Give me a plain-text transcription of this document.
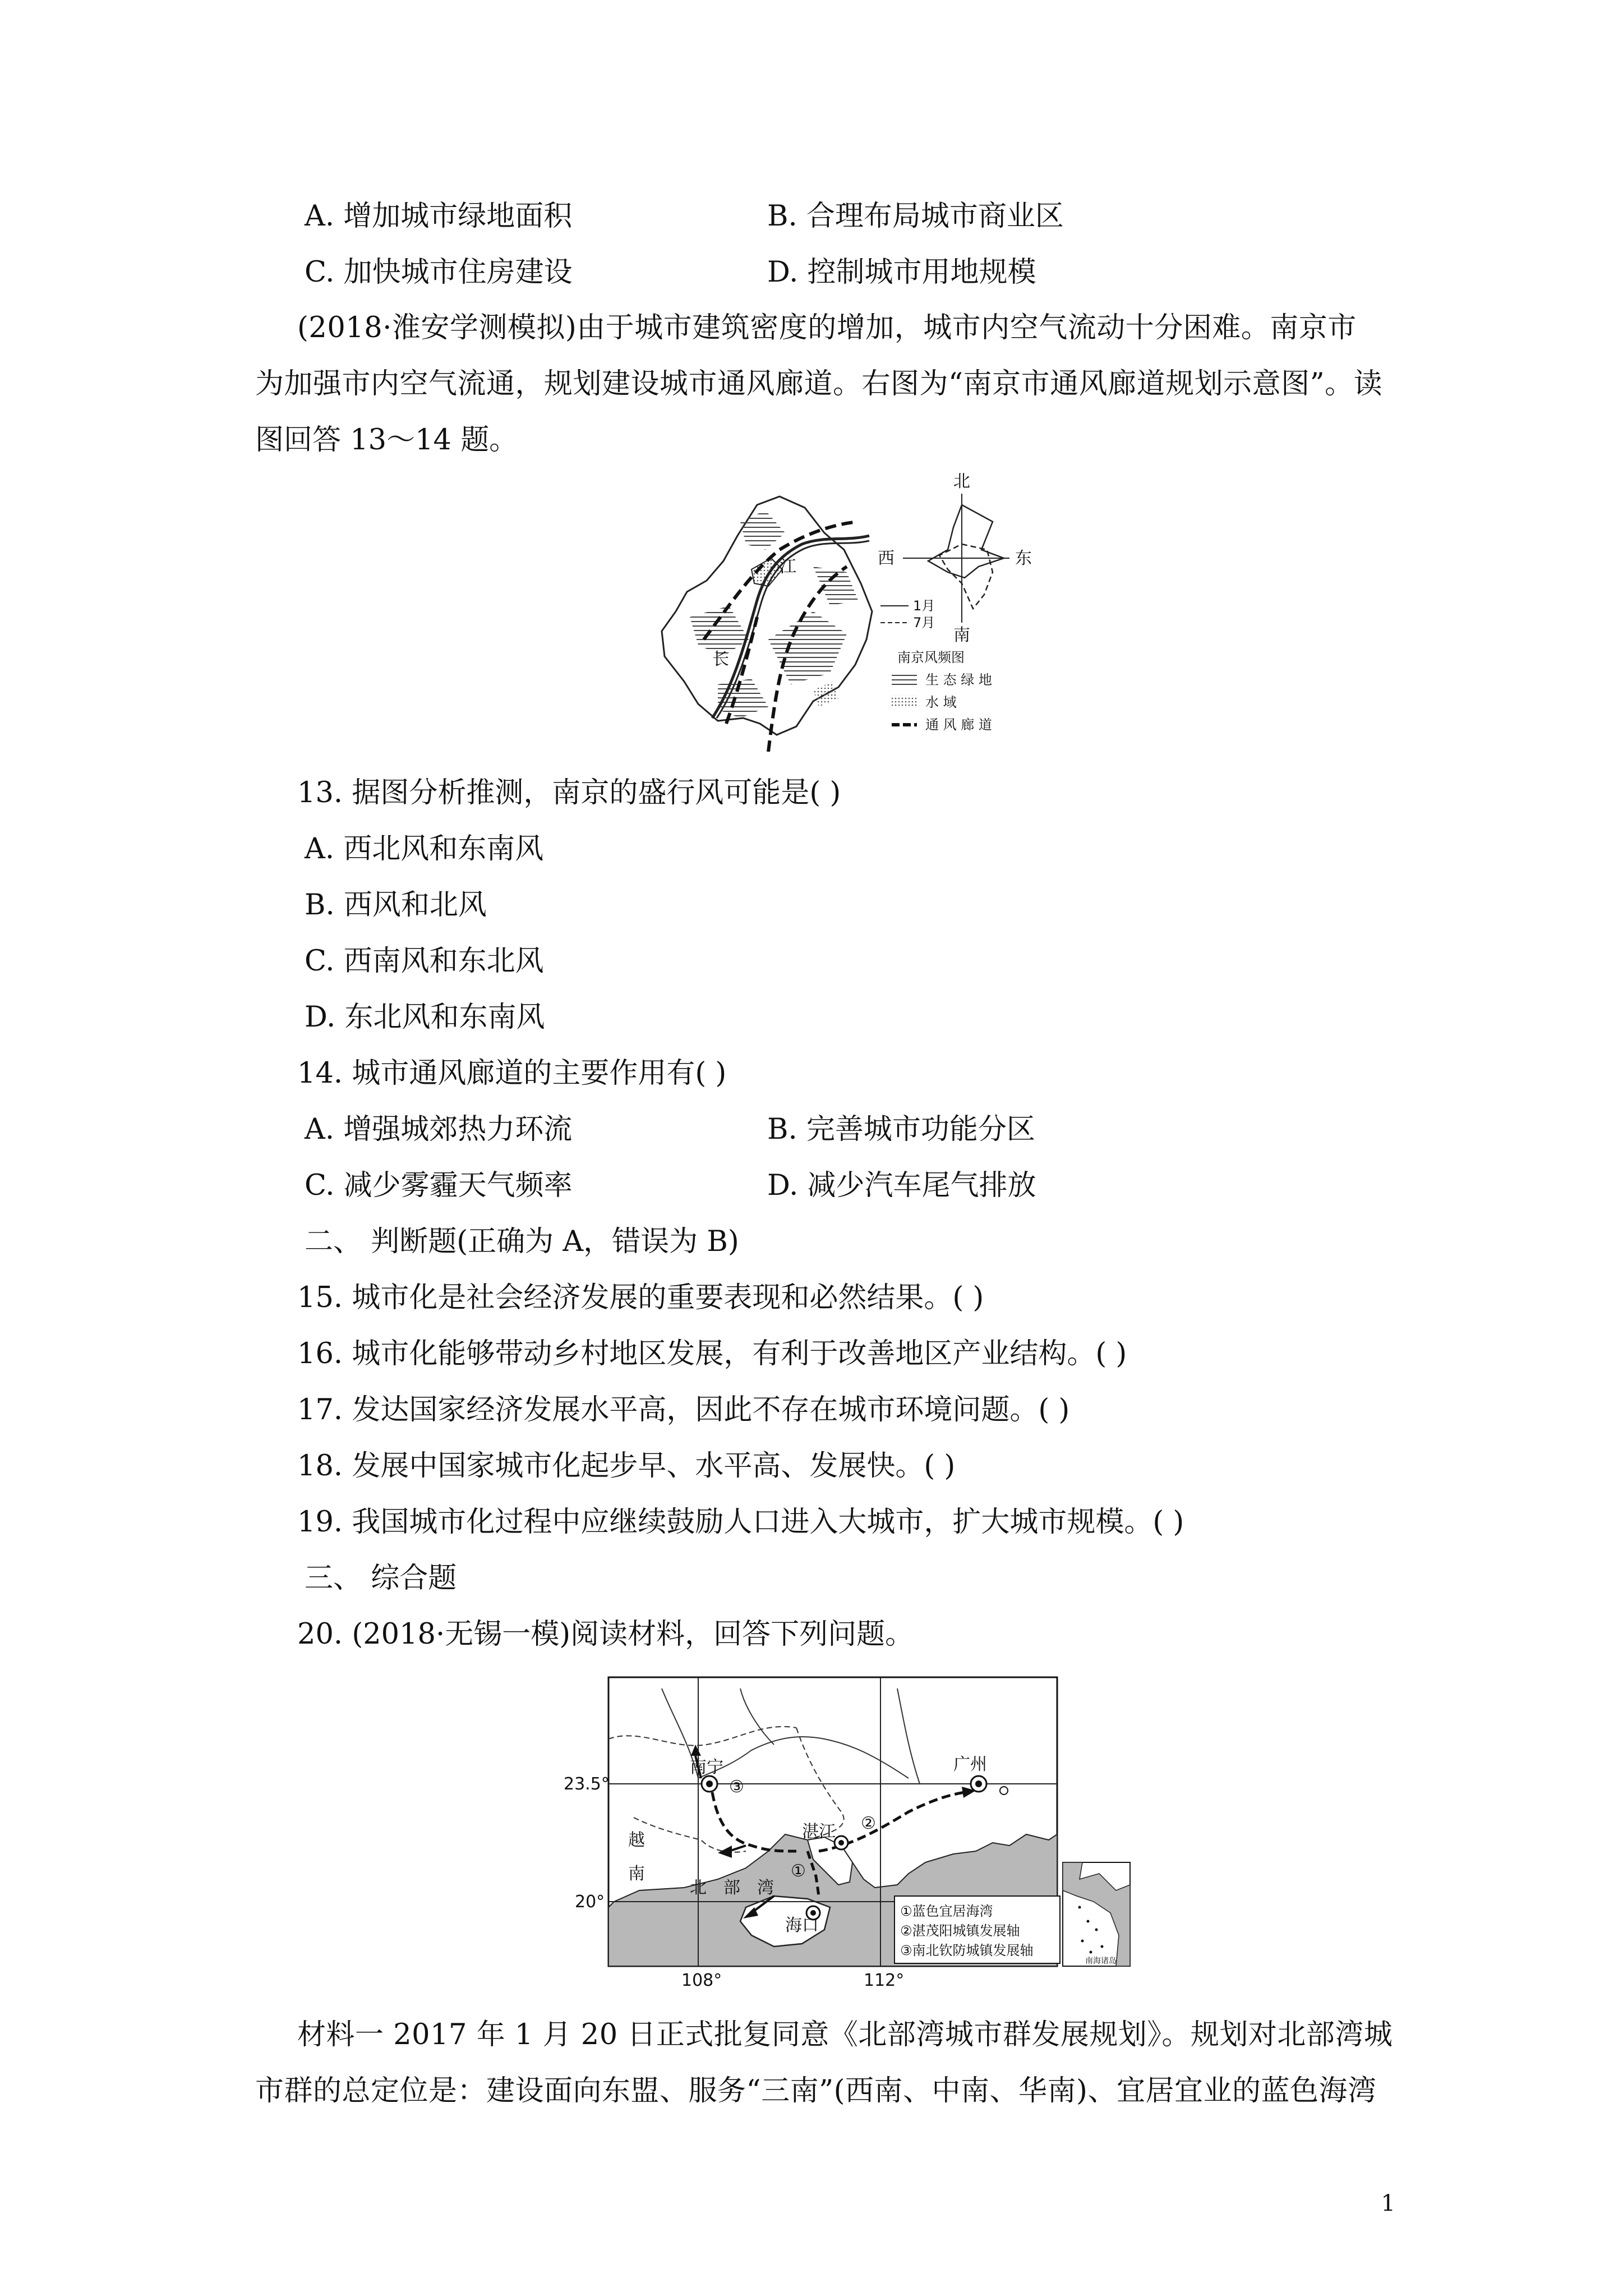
A. 增加城市绿地面积	B. 合理布局城市商业区
C. 加快城市住房建设	D. 控制城市用地规模
(2018·淮安学测模拟)由于城市建筑密度的增加，城市内空气流动十分困难。南京市
为加强市内空气流通，规划建设城市通风廊道。右图为“南京市通风廊道规划示意图”。读
图回答 13～14 题。
江
长
北
西	东
南
1月
7月
南京风频图
生 态 绿 地
水 域
通 风 廊 道
13. 据图分析推测，南京的盛行风可能是( )
A. 西北风和东南风
B. 西风和北风
C. 西南风和东北风
D. 东北风和东南风
14. 城市通风廊道的主要作用有( )
A. 增强城郊热力环流	B. 完善城市功能分区
C. 减少雾霾天气频率	D. 减少汽车尾气排放
二、 判断题(正确为 A，错误为 B)
15. 城市化是社会经济发展的重要表现和必然结果。( )
16. 城市化能够带动乡村地区发展，有利于改善地区产业结构。( )
17. 发达国家经济发展水平高，因此不存在城市环境问题。( )
18. 发展中国家城市化起步早、水平高、发展快。( )
19. 我国城市化过程中应继续鼓励人口进入大城市，扩大城市规模。( )
三、 综合题
20. (2018·无锡一模)阅读材料，回答下列问题。
南宁
③
广州
湛江 ②
①
海口
越
南
北 部 湾
23.5°
20°
108°	112°
①蓝色宜居海湾
②湛茂阳城镇发展轴
③南北钦防城镇发展轴
南海诸岛
材料一 2017 年 1 月 20 日正式批复同意《北部湾城市群发展规划》。规划对北部湾城
市群的总定位是：建设面向东盟、服务“三南”(西南、中南、华南)、宜居宜业的蓝色海湾
1
